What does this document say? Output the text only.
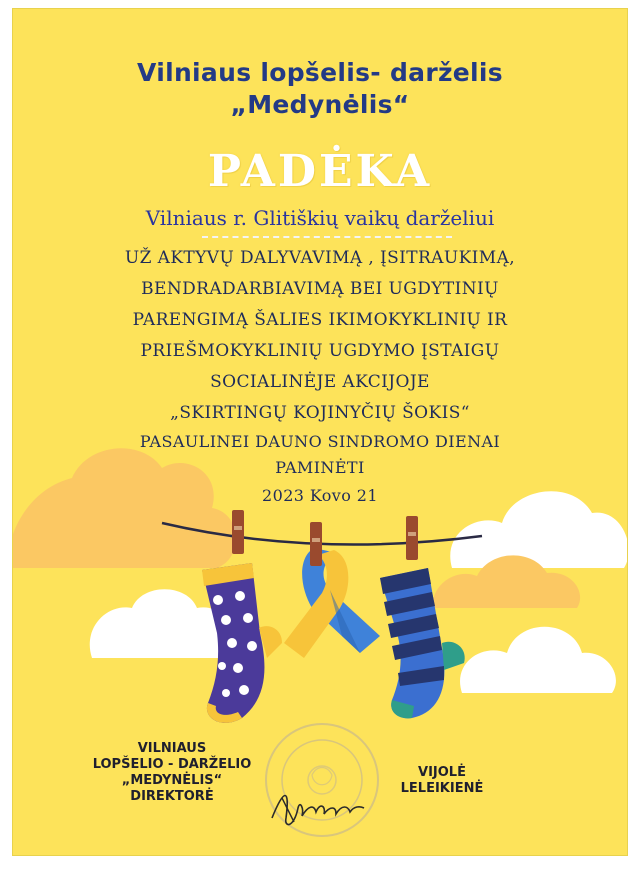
Vilniaus lopšelis- darželis
„Medynėlis“
PADĖKA
Vilniaus r. Glitiškių vaikų darželiui
UŽ AKTYVŲ DALYVAVIMĄ , ĮSITRAUKIMĄ,
BENDRADARBIAVIMĄ BEI UGDYTINIŲ
PARENGIMĄ ŠALIES IKIMOKYKLINIŲ IR
PRIEŠMOKYKLINIŲ UGDYMO ĮSTAIGŲ
SOCIALINĖJE AKCIJOJE
„SKIRTINGŲ KOJINYČIŲ ŠOKIS“
PASAULINEI DAUNO SINDROMO DIENAI
PAMINĖTI
2023 Kovo 21
VILNIAUS
LOPŠELIO - DARŽELIO
„MEDYNĖLIS“
DIREKTORĖ
VIJOLĖ
LELEIKIENĖ
